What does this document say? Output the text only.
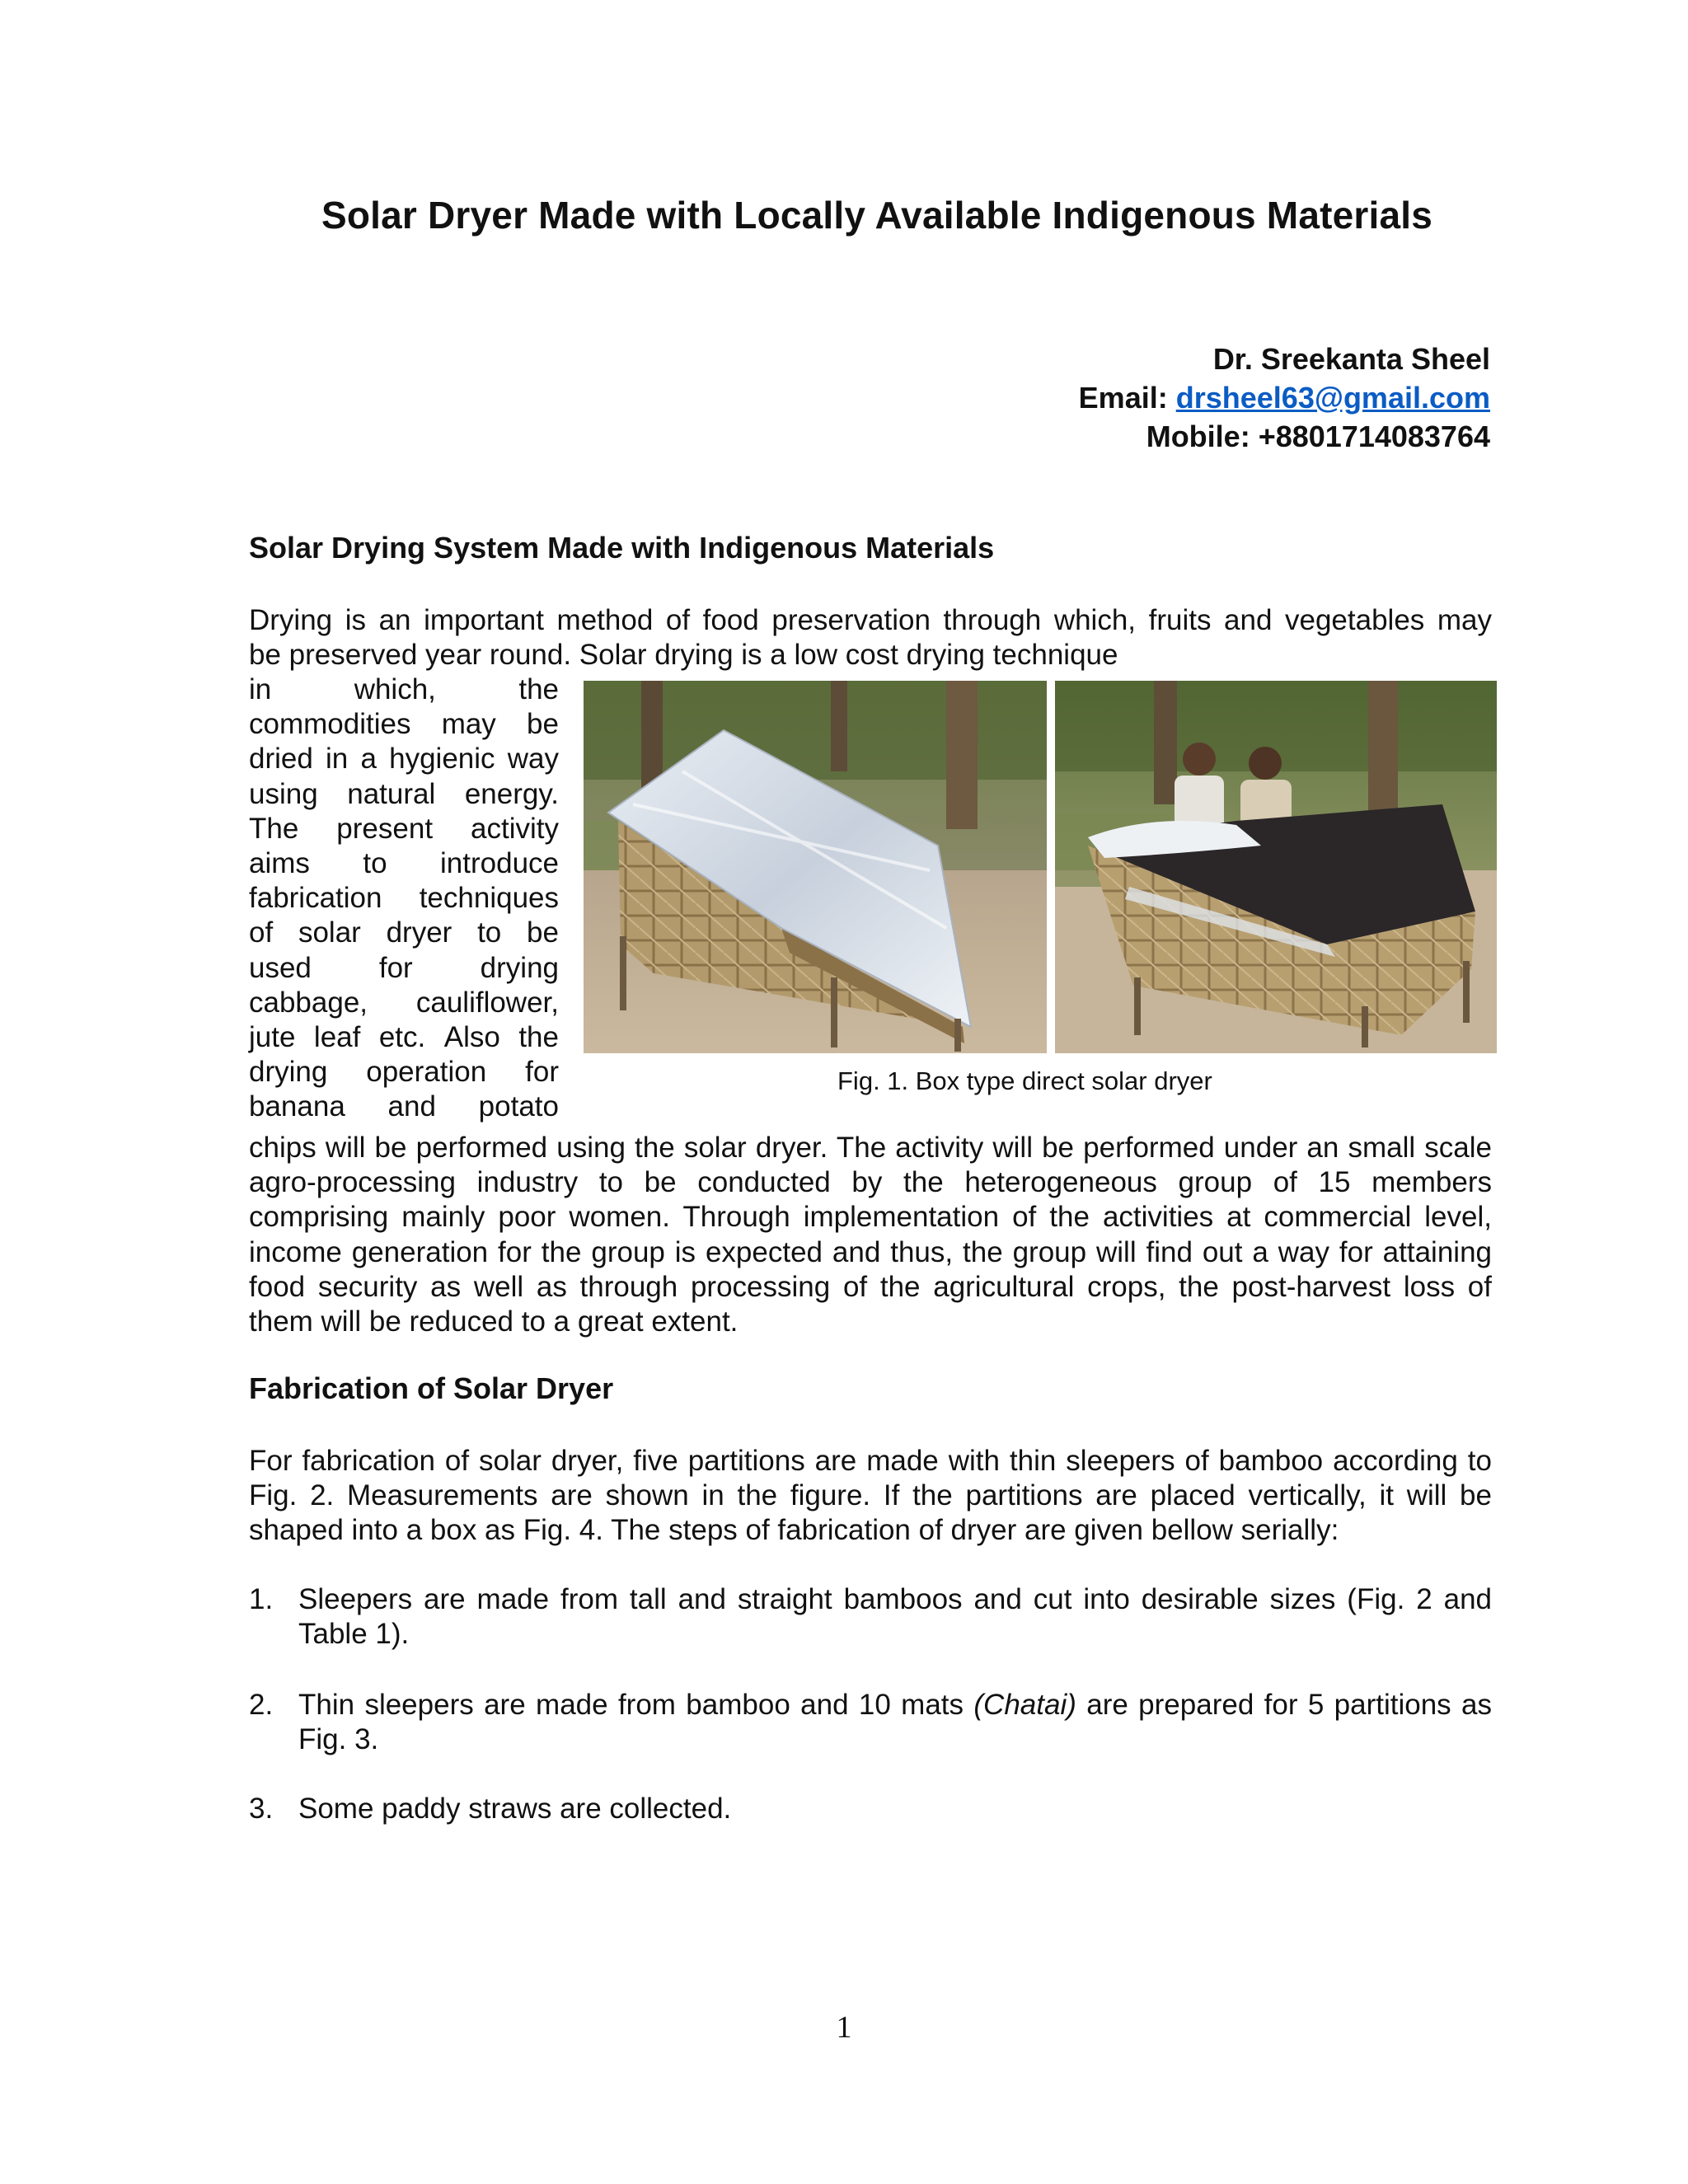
Solar Dryer Made with Locally Available Indigenous Materials
Dr. Sreekanta Sheel
Email: drsheel63@gmail.com
Mobile: +8801714083764
Solar Drying System Made with Indigenous Materials
Drying is an important method of food preservation through which, fruits and vegetables may
be preserved year round. Solar drying is a low cost drying technique
in	which,	the
commodities may be
dried in a hygienic way
using natural energy.
The present activity
aims to introduce
fabrication techniques
of solar dryer to be
used for drying
cabbage, cauliflower,
jute leaf etc. Also the
drying operation for
banana and potato
Fig. 1. Box type direct solar dryer
chips will be performed using the solar dryer. The activity will be performed under an small scale agro-processing industry to be conducted by the heterogeneous group of 15 members comprising mainly poor women. Through implementation of the activities at commercial level, income generation for the group is expected and thus, the group will find out a way for attaining food security as well as through processing of the agricultural crops, the post-harvest loss of them will be reduced to a great extent.
Fabrication of Solar Dryer
For fabrication of solar dryer, five partitions are made with thin sleepers of bamboo according to Fig. 2. Measurements are shown in the figure. If the partitions are placed vertically, it will be shaped into a box as Fig. 4. The steps of fabrication of dryer are given bellow serially:
1. Sleepers are made from tall and straight bamboos and cut into desirable sizes (Fig. 2 and Table 1).
2. Thin sleepers are made from bamboo and 10 mats (Chatai) are prepared for 5 partitions as Fig. 3.
3. Some paddy straws are collected.
1
